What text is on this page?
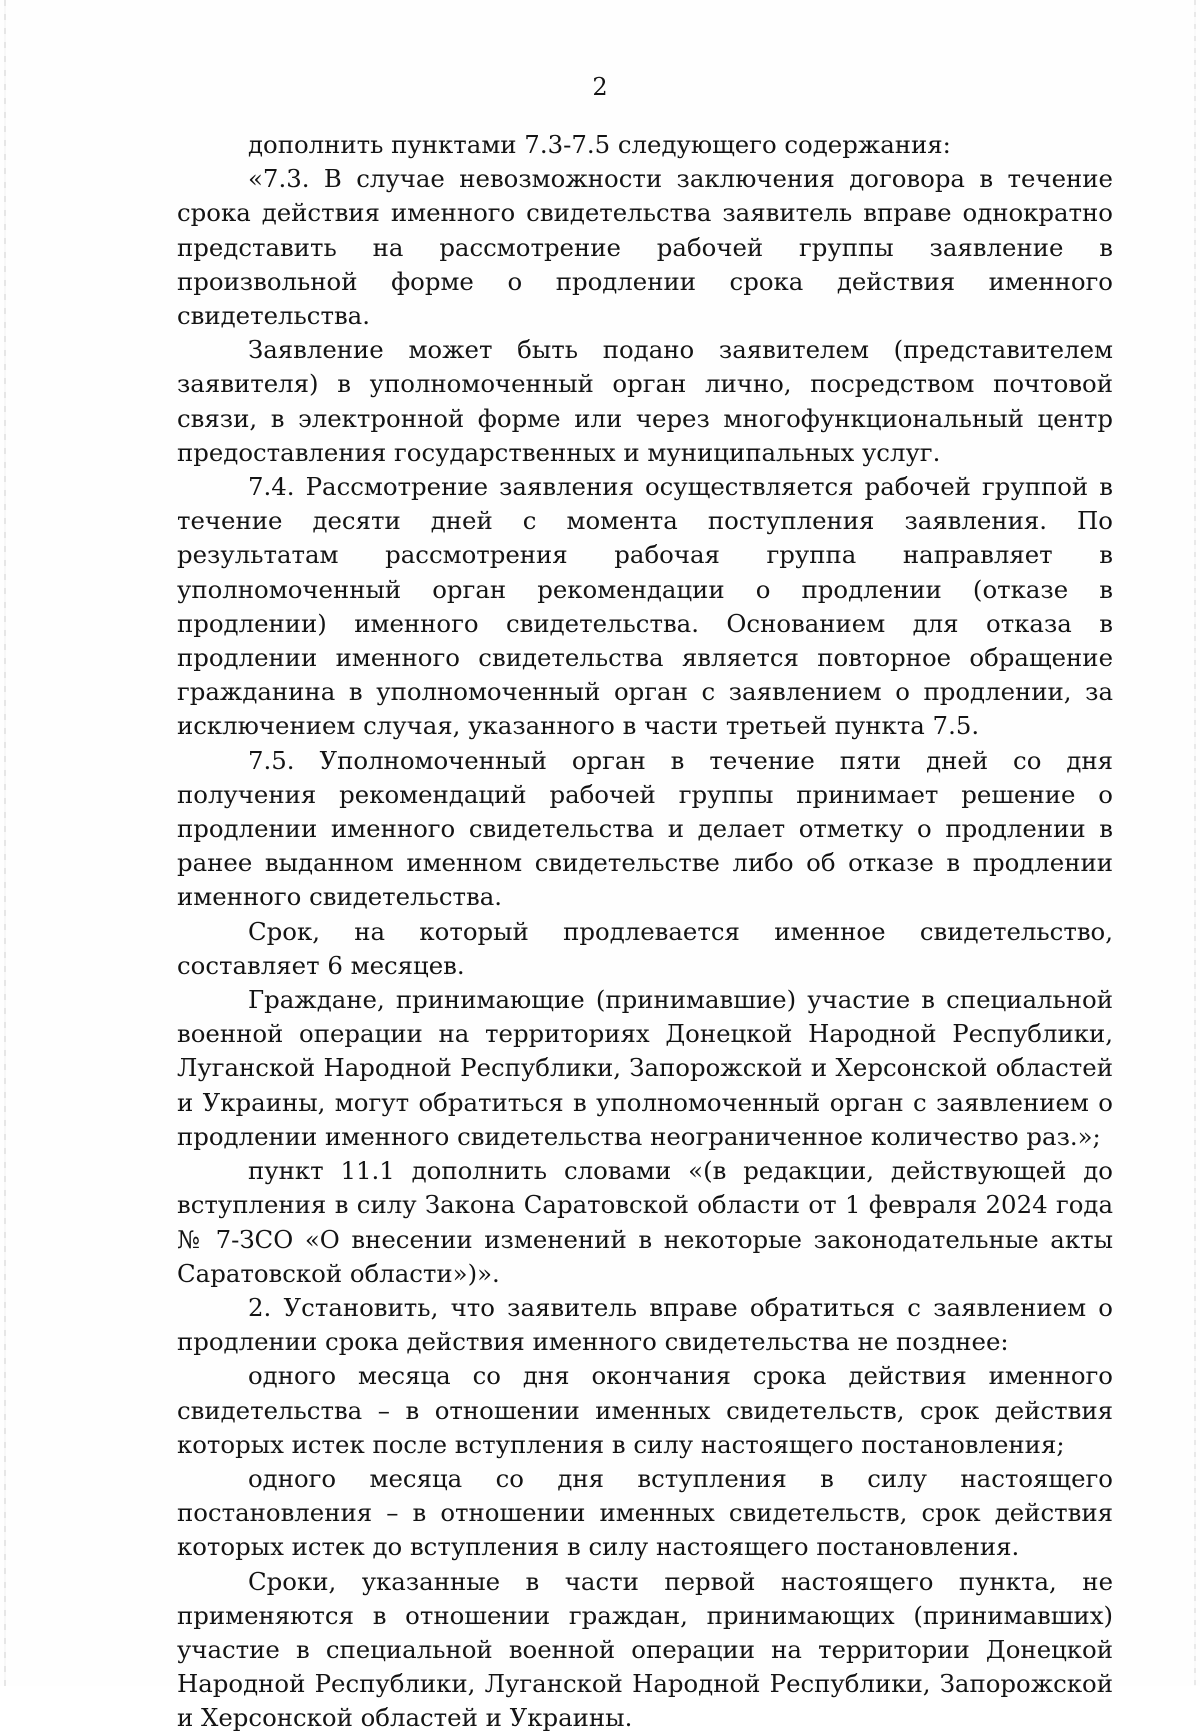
2

дополнить пунктами 7.3-7.5 следующего содержания:

«7.3. В случае невозможности заключения договора в течение срока действия именного свидетельства заявитель вправе однократно представить на рассмотрение рабочей группы заявление в произвольной форме о продлении срока действия именного свидетельства.

Заявление может быть подано заявителем (представителем заявителя) в уполномоченный орган лично, посредством почтовой связи, в электронной форме или через многофункциональный центр предоставления государственных и муниципальных услуг.

7.4. Рассмотрение заявления осуществляется рабочей группой в течение десяти дней с момента поступления заявления. По результатам рассмотрения рабочая группа направляет в уполномоченный орган рекомендации о продлении (отказе в продлении) именного свидетельства. Основанием для отказа в продлении именного свидетельства является повторное обращение гражданина в уполномоченный орган с заявлением о продлении, за исключением случая, указанного в части третьей пункта 7.5.

7.5. Уполномоченный орган в течение пяти дней со дня получения рекомендаций рабочей группы принимает решение о продлении именного свидетельства и делает отметку о продлении в ранее выданном именном свидетельстве либо об отказе в продлении именного свидетельства.

Срок, на который продлевается именное свидетельство, составляет 6 месяцев.

Граждане, принимающие (принимавшие) участие в специальной военной операции на территориях Донецкой Народной Республики, Луганской Народной Республики, Запорожской и Херсонской областей и Украины, могут обратиться в уполномоченный орган с заявлением о продлении именного свидетельства неограниченное количество раз.»;

пункт 11.1 дополнить словами «(в редакции, действующей до вступления в силу Закона Саратовской области от 1 февраля 2024 года № 7-ЗСО «О внесении изменений в некоторые законодательные акты Саратовской области»)».

2. Установить, что заявитель вправе обратиться с заявлением о продлении срока действия именного свидетельства не позднее:

одного месяца со дня окончания срока действия именного свидетельства – в отношении именных свидетельств, срок действия которых истек после вступления в силу настоящего постановления;

одного месяца со дня вступления в силу настоящего постановления – в отношении именных свидетельств, срок действия которых истек до вступления в силу настоящего постановления.

Сроки, указанные в части первой настоящего пункта, не применяются в отношении граждан, принимающих (принимавших) участие в специальной военной операции на территории Донецкой Народной Республики, Луганской Народной Республики, Запорожской и Херсонской областей и Украины.
